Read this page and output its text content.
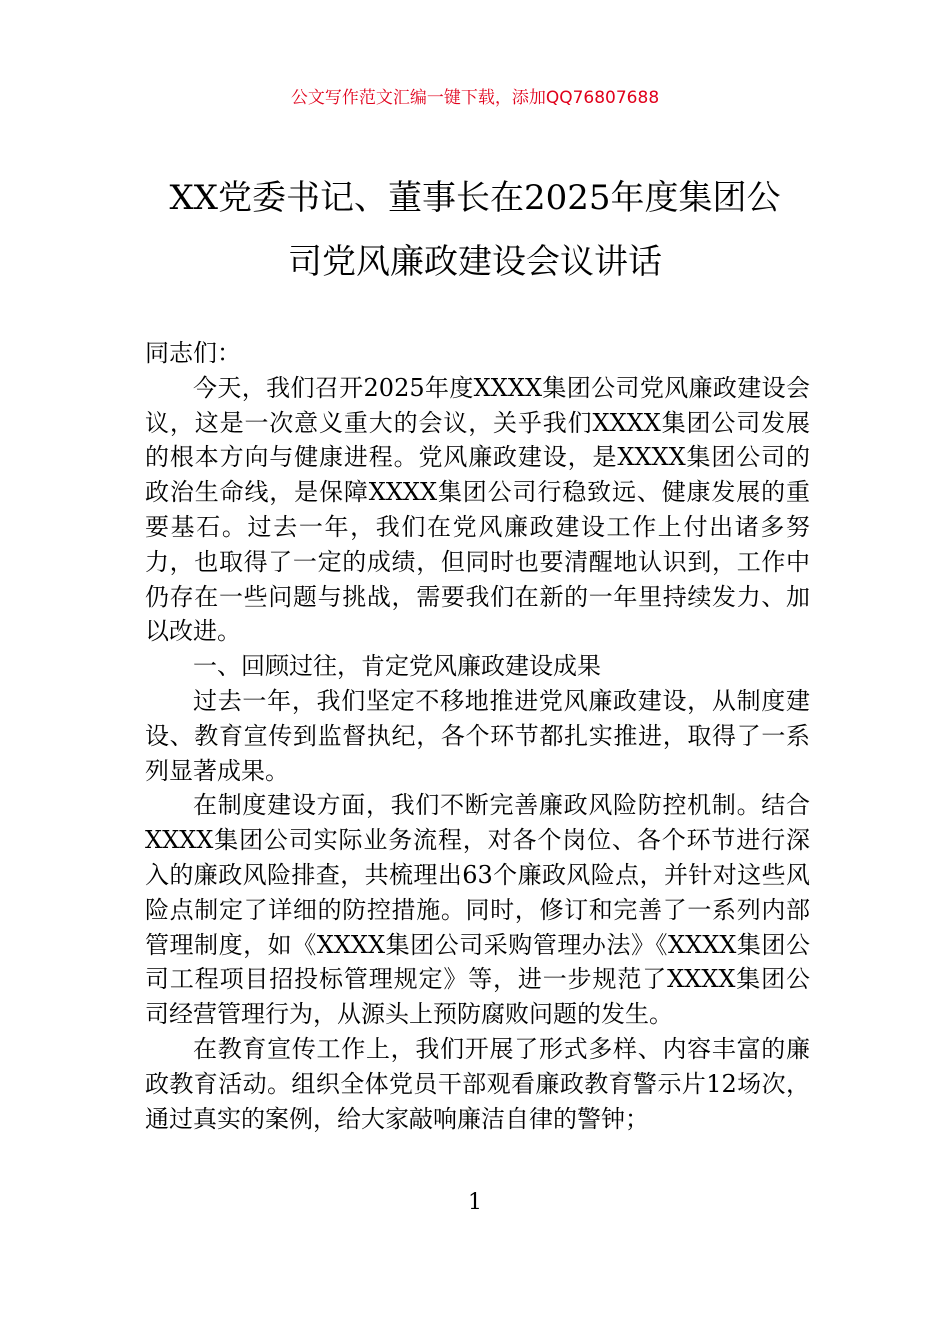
公文写作范文汇编一键下载，添加QQ76807688
XX党委书记、董事长在2025年度集团公
司党风廉政建设会议讲话

同志们：

今天，我们召开2025年度XXXX集团公司党风廉政建设会议，这是一次意义重大的会议，关乎我们XXXX集团公司发展的根本方向与健康进程。党风廉政建设，是XXXX集团公司的政治生命线，是保障XXXX集团公司行稳致远、健康发展的重要基石。过去一年，我们在党风廉政建设工作上付出诸多努力，也取得了一定的成绩，但同时也要清醒地认识到，工作中仍存在一些问题与挑战，需要我们在新的一年里持续发力、加以改进。

一、回顾过往，肯定党风廉政建设成果

过去一年，我们坚定不移地推进党风廉政建设，从制度建设、教育宣传到监督执纪，各个环节都扎实推进，取得了一系列显著成果。

在制度建设方面，我们不断完善廉政风险防控机制。结合XXXX集团公司实际业务流程，对各个岗位、各个环节进行深入的廉政风险排查，共梳理出63个廉政风险点，并针对这些风险点制定了详细的防控措施。同时，修订和完善了一系列内部管理制度，如《XXXX集团公司采购管理办法》《XXXX集团公司工程项目招投标管理规定》等，进一步规范了XXXX集团公司经营管理行为，从源头上预防腐败问题的发生。

在教育宣传工作上，我们开展了形式多样、内容丰富的廉政教育活动。组织全体党员干部观看廉政教育警示片12场次，通过真实的案例，给大家敲响廉洁自律的警钟；

1
